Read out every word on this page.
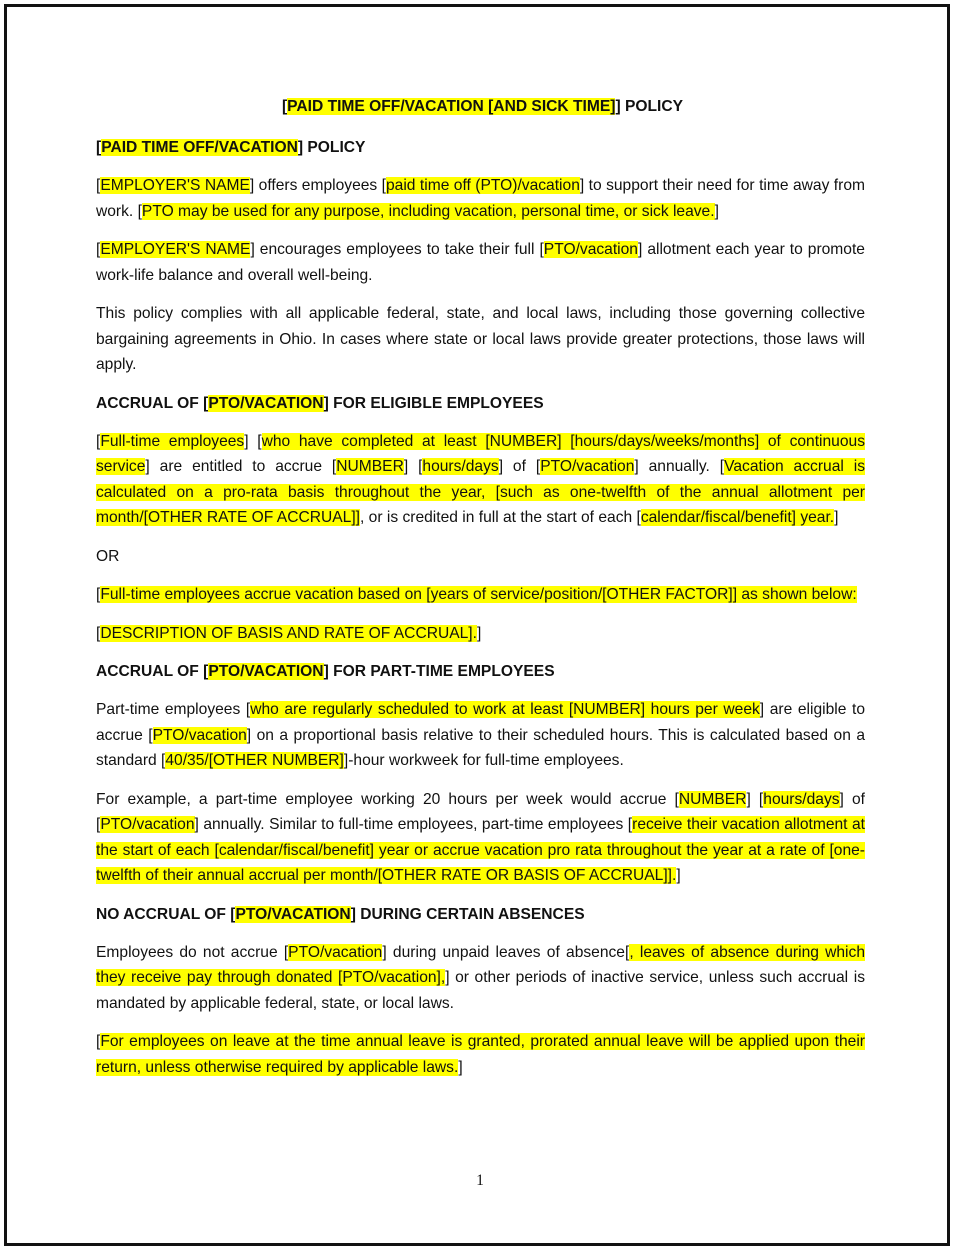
[PAID TIME OFF/VACATION [AND SICK TIME]] POLICY
[PAID TIME OFF/VACATION] POLICY

[EMPLOYER'S NAME] offers employees [paid time off (PTO)/vacation] to support their need for time away from work. [PTO may be used for any purpose, including vacation, personal time, or sick leave.]

[EMPLOYER'S NAME] encourages employees to take their full [PTO/vacation] allotment each year to promote work-life balance and overall well-being.

This policy complies with all applicable federal, state, and local laws, including those governing collective bargaining agreements in Ohio. In cases where state or local laws provide greater protections, those laws will apply.

ACCRUAL OF [PTO/VACATION] FOR ELIGIBLE EMPLOYEES

[Full-time employees] [who have completed at least [NUMBER] [hours/days/weeks/months] of continuous service] are entitled to accrue [NUMBER] [hours/days] of [PTO/vacation] annually. [Vacation accrual is calculated on a pro-rata basis throughout the year, [such as one-twelfth of the annual allotment per month/[OTHER RATE OF ACCRUAL]], or is credited in full at the start of each [calendar/fiscal/benefit] year.]

OR

[Full-time employees accrue vacation based on [years of service/position/[OTHER FACTOR]] as shown below:

[DESCRIPTION OF BASIS AND RATE OF ACCRUAL].]

ACCRUAL OF [PTO/VACATION] FOR PART-TIME EMPLOYEES

Part-time employees [who are regularly scheduled to work at least [NUMBER] hours per week] are eligible to accrue [PTO/vacation] on a proportional basis relative to their scheduled hours. This is calculated based on a standard [40/35/[OTHER NUMBER]]-hour workweek for full-time employees.

For example, a part-time employee working 20 hours per week would accrue [NUMBER] [hours/days] of [PTO/vacation] annually. Similar to full-time employees, part-time employees [receive their vacation allotment at the start of each [calendar/fiscal/benefit] year or accrue vacation pro rata throughout the year at a rate of [one-twelfth of their annual accrual per month/[OTHER RATE OR BASIS OF ACCRUAL]].]

NO ACCRUAL OF [PTO/VACATION] DURING CERTAIN ABSENCES

Employees do not accrue [PTO/vacation] during unpaid leaves of absence[, leaves of absence during which they receive pay through donated [PTO/vacation],] or other periods of inactive service, unless such accrual is mandated by applicable federal, state, or local laws.

[For employees on leave at the time annual leave is granted, prorated annual leave will be applied upon their return, unless otherwise required by applicable laws.]

1
